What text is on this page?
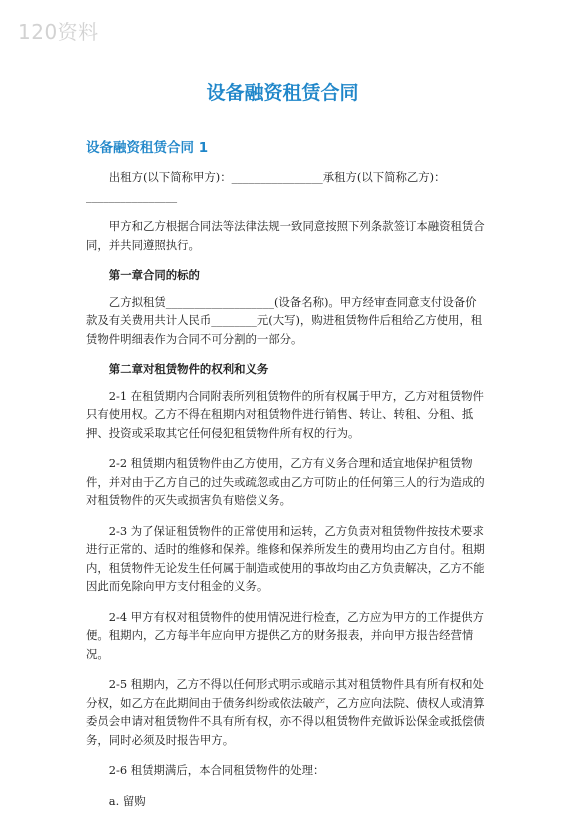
120资料
设备融资租赁合同
设备融资租赁合同 1

出租方(以下简称甲方)：________________承租方(以下简称乙方)：________________

甲方和乙方根据合同法等法律法规一致同意按照下列条款签订本融资租赁合同，并共同遵照执行。

第一章合同的标的

乙方拟租赁___________________(设备名称)。甲方经审查同意支付设备价款及有关费用共计人民币________元(大写)，购进租赁物件后租给乙方使用，租赁物件明细表作为合同不可分割的一部分。

第二章对租赁物件的权利和义务

2-1 在租赁期内合同附表所列租赁物件的所有权属于甲方，乙方对租赁物件只有使用权。乙方不得在租期内对租赁物件进行销售、转让、转租、分租、抵押、投资或采取其它任何侵犯租赁物件所有权的行为。

2-2 租赁期内租赁物件由乙方使用，乙方有义务合理和适宜地保护租赁物件，并对由于乙方自己的过失或疏忽或由乙方可防止的任何第三人的行为造成的对租赁物件的灭失或损害负有赔偿义务。

2-3 为了保证租赁物件的正常使用和运转，乙方负责对租赁物件按技术要求进行正常的、适时的维修和保养。维修和保养所发生的费用均由乙方自付。租期内，租赁物件无论发生任何属于制造或使用的事故均由乙方负责解决，乙方不能因此而免除向甲方支付租金的义务。

2-4 甲方有权对租赁物件的使用情况进行检查，乙方应为甲方的工作提供方便。租期内，乙方每半年应向甲方提供乙方的财务报表，并向甲方报告经营情况。

2-5 租期内，乙方不得以任何形式明示或暗示其对租赁物件具有所有权和处分权，如乙方在此期间由于债务纠纷或依法破产，乙方应向法院、债权人或清算委员会申请对租赁物件不具有所有权，亦不得以租赁物件充做诉讼保金或抵偿债务，同时必须及时报告甲方。

2-6 租赁期满后，本合同租赁物件的处理：

a. 留购
